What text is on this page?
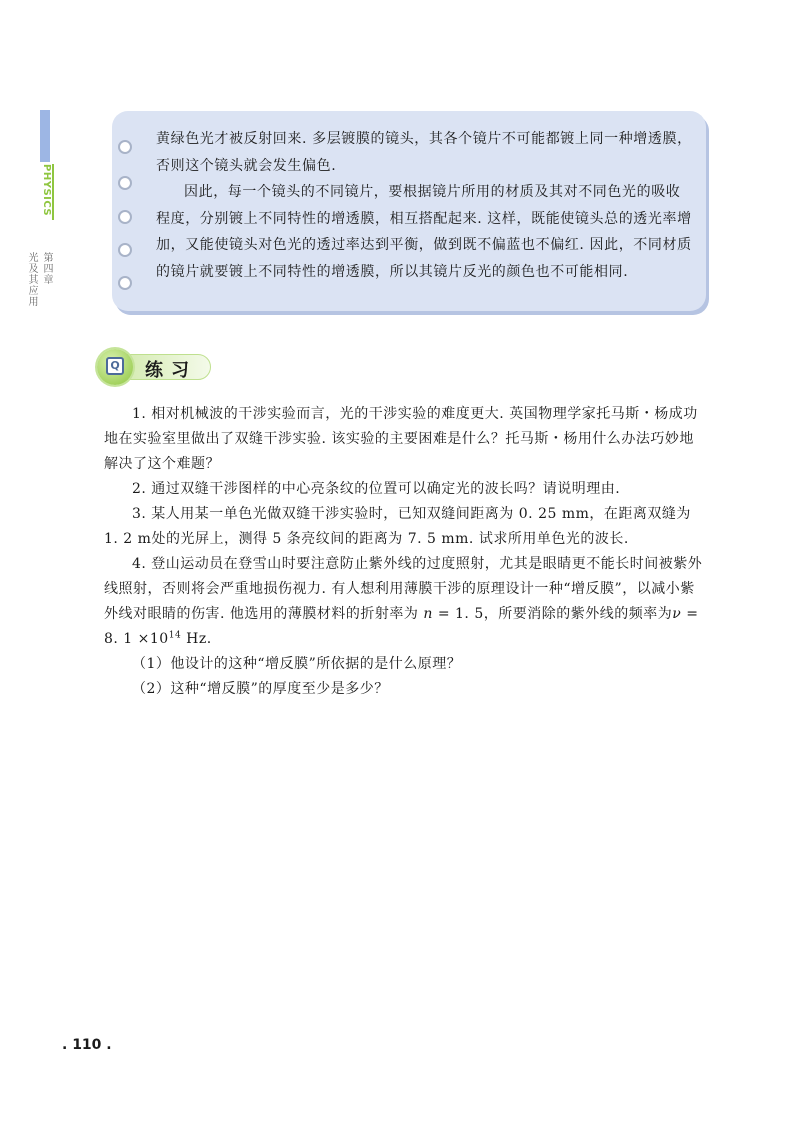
PHYSICS
第四章
光及其应用

黄绿色光才被反射回来. 多层镀膜的镜头，其各个镜片不可能都镀上同一种增透膜，否则这个镜头就会发生偏色.

因此，每一个镜头的不同镜片，要根据镜片所用的材质及其对不同色光的吸收程度，分别镀上不同特性的增透膜，相互搭配起来. 这样，既能使镜头总的透光率增加，又能使镜头对色光的透过率达到平衡，做到既不偏蓝也不偏红. 因此，不同材质的镜片就要镀上不同特性的增透膜，所以其镜片反光的颜色也不可能相同.

Q 练习

1. 相对机械波的干涉实验而言，光的干涉实验的难度更大. 英国物理学家托马斯・杨成功地在实验室里做出了双缝干涉实验. 该实验的主要困难是什么？托马斯・杨用什么办法巧妙地解决了这个难题？

2. 通过双缝干涉图样的中心亮条纹的位置可以确定光的波长吗？请说明理由.

3. 某人用某一单色光做双缝干涉实验时，已知双缝间距离为 0. 25 mm，在距离双缝为 1. 2 m处的光屏上，测得 5 条亮纹间的距离为 7. 5 mm. 试求所用单色光的波长.

4. 登山运动员在登雪山时要注意防止紫外线的过度照射，尤其是眼睛更不能长时间被紫外线照射，否则将会严重地损伤视力. 有人想利用薄膜干涉的原理设计一种“增反膜”，以减小紫外线对眼睛的伤害. 他选用的薄膜材料的折射率为 n = 1. 5，所要消除的紫外线的频率为ν = 8. $1 \times 10^{14}$ Hz.

（1）他设计的这种“增反膜”所依据的是什么原理？

（2）这种“增反膜”的厚度至少是多少？

. 110 .
